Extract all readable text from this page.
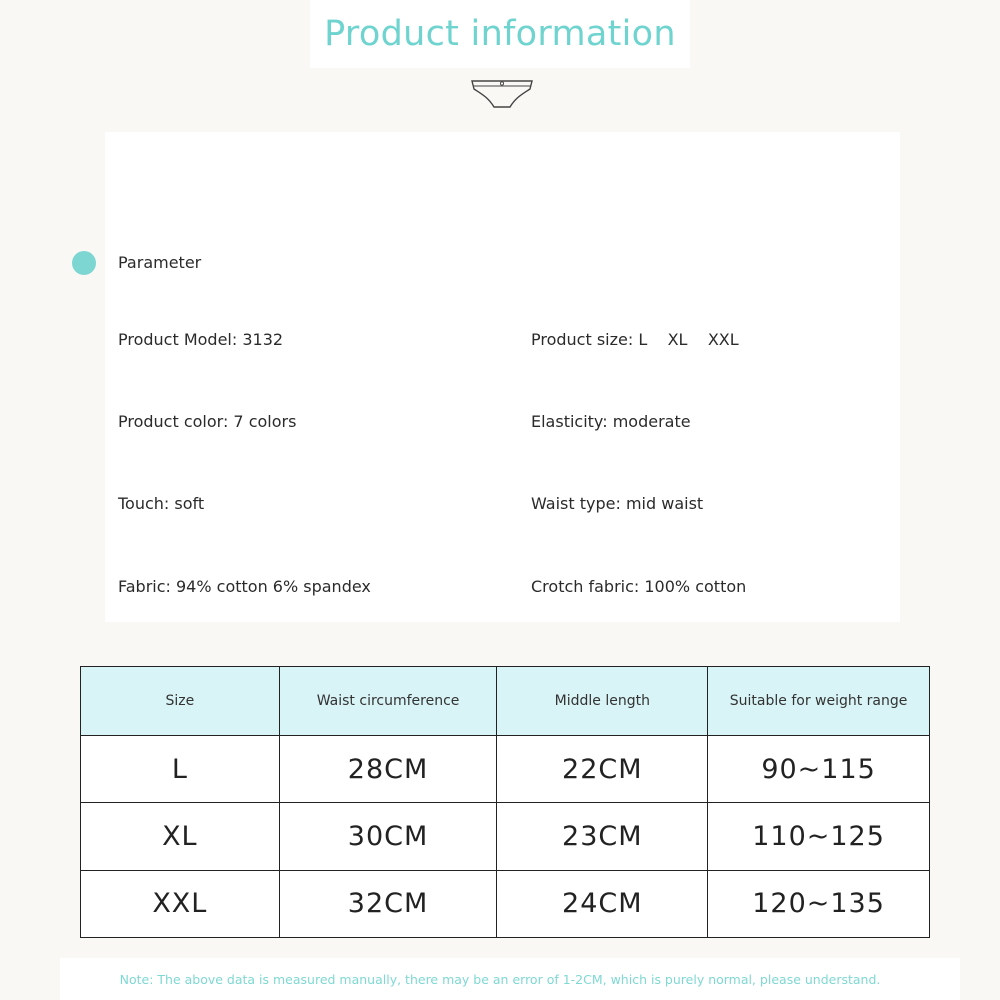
Product information
Parameter
Product Model: 3132	Product size: L    XL    XXL
Product color: 7 colors	Elasticity: moderate
Touch: soft	Waist type: mid waist
Fabric: 94% cotton 6% spandex	Crotch fabric: 100% cotton
Size	Waist circumference	Middle length	Suitable for weight range
L	28CM	22CM	90~115
XL	30CM	23CM	110~125
XXL	32CM	24CM	120~135
Note: The above data is measured manually, there may be an error of 1-2CM, which is purely normal, please understand.
